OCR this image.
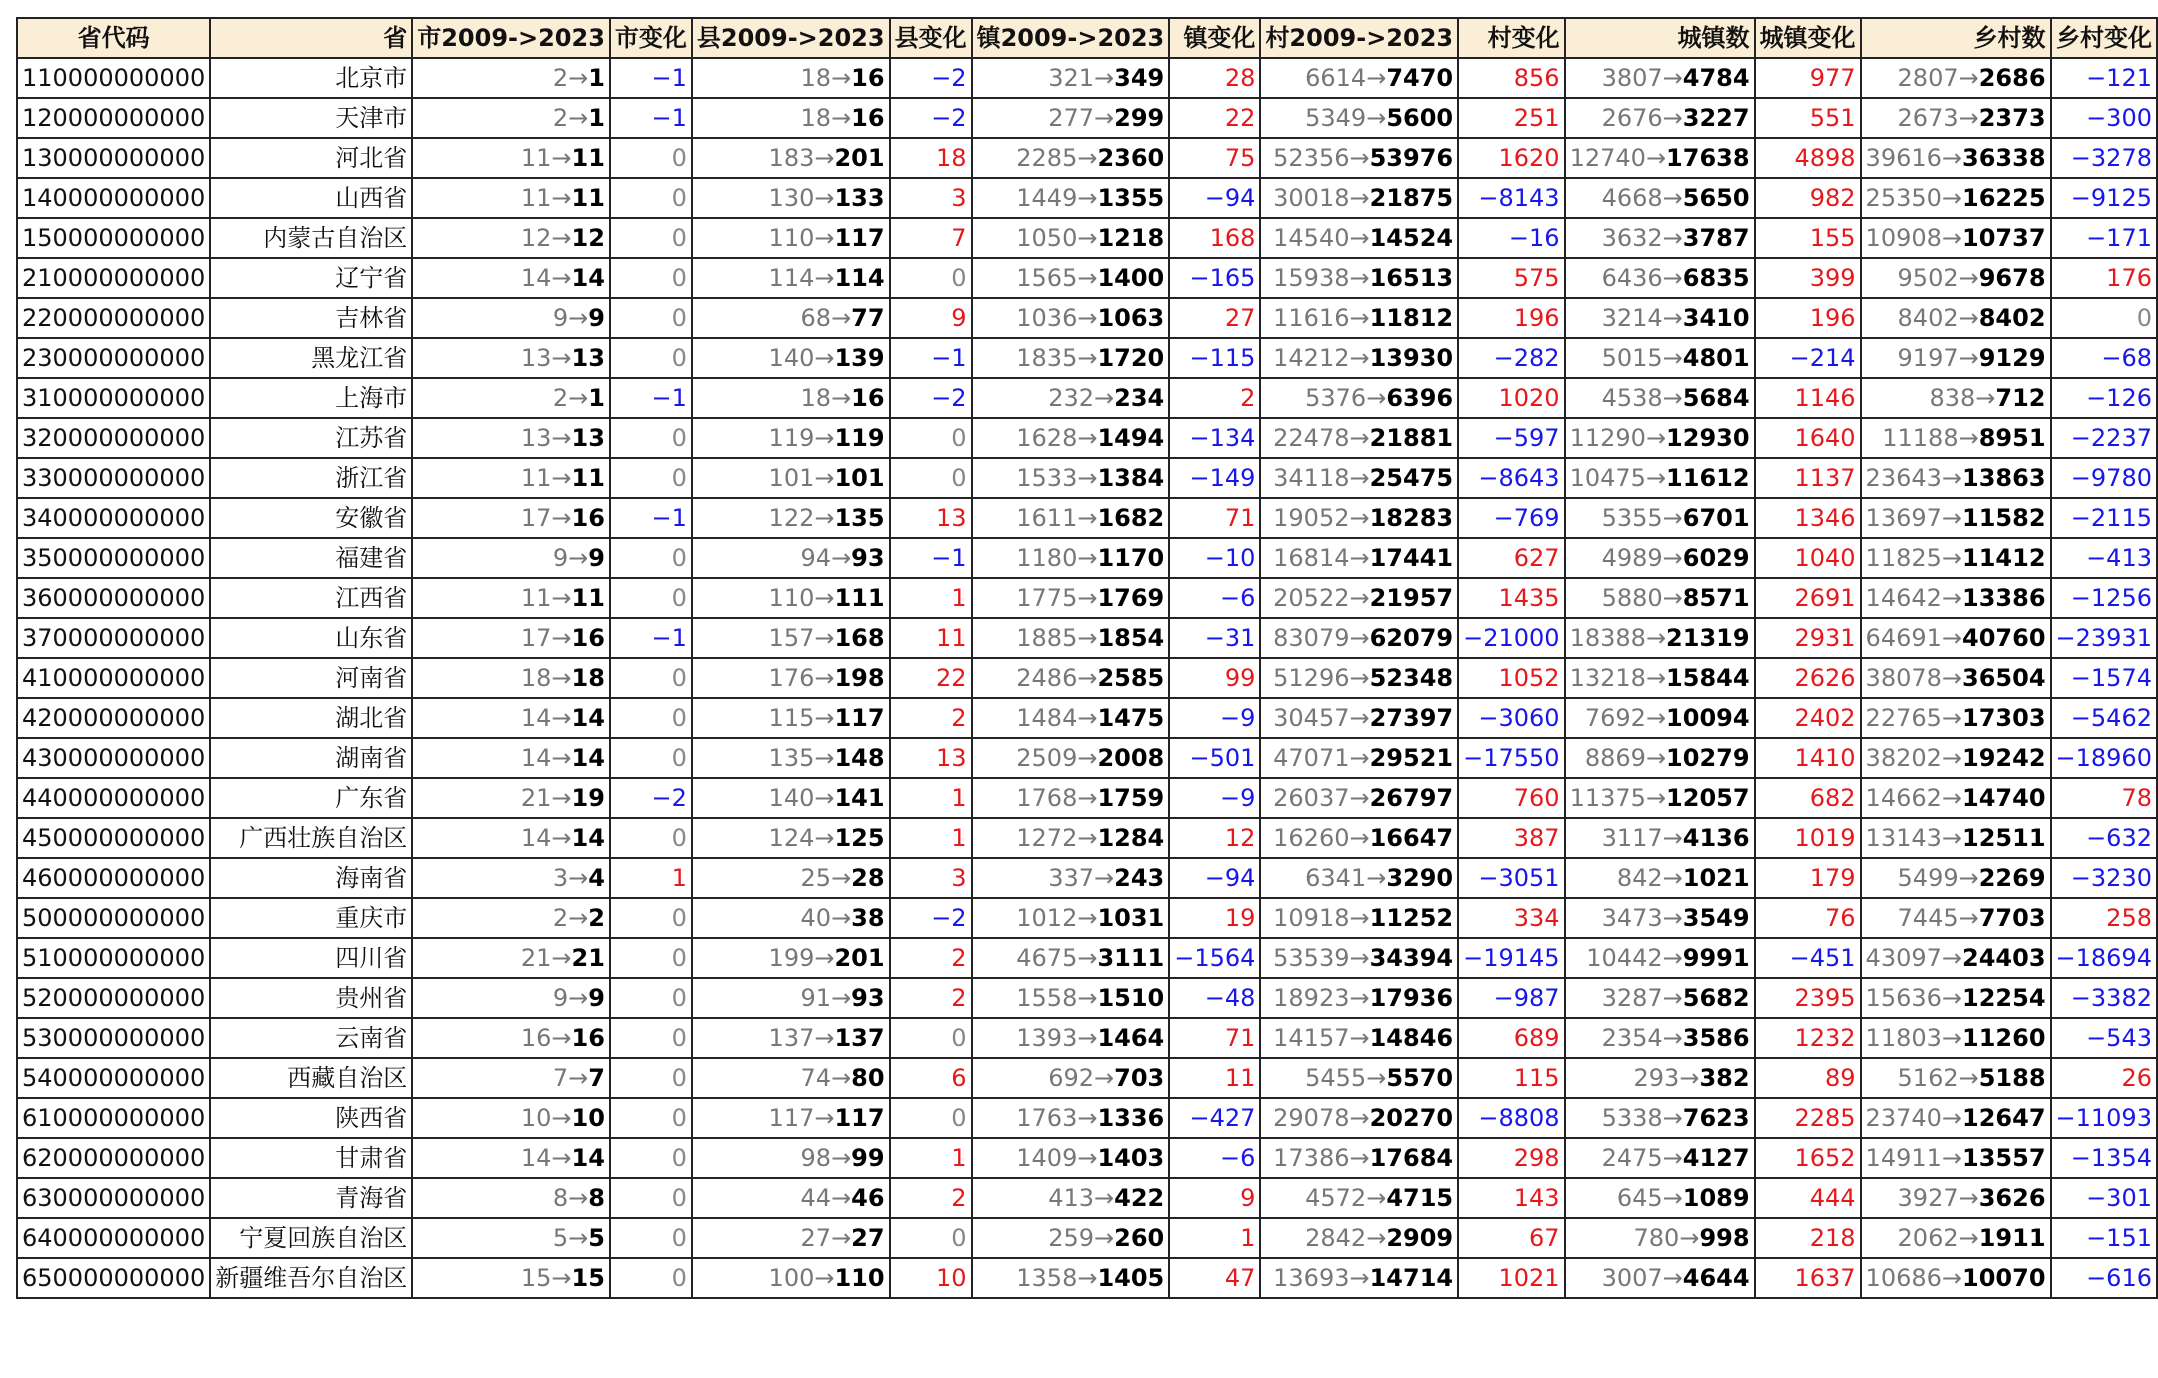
省代码	省	市2009->2023	市变化	县2009->2023	县变化	镇2009->2023	镇变化	村2009->2023	村变化	城镇数	城镇变化	乡村数	乡村变化
110000000000	北京市	2→1	−1	18→16	−2	321→349	28	6614→7470	856	3807→4784	977	2807→2686	−121
120000000000	天津市	2→1	−1	18→16	−2	277→299	22	5349→5600	251	2676→3227	551	2673→2373	−300
130000000000	河北省	11→11	0	183→201	18	2285→2360	75	52356→53976	1620	12740→17638	4898	39616→36338	−3278
140000000000	山西省	11→11	0	130→133	3	1449→1355	−94	30018→21875	−8143	4668→5650	982	25350→16225	−9125
150000000000	内蒙古自治区	12→12	0	110→117	7	1050→1218	168	14540→14524	−16	3632→3787	155	10908→10737	−171
210000000000	辽宁省	14→14	0	114→114	0	1565→1400	−165	15938→16513	575	6436→6835	399	9502→9678	176
220000000000	吉林省	9→9	0	68→77	9	1036→1063	27	11616→11812	196	3214→3410	196	8402→8402	0
230000000000	黑龙江省	13→13	0	140→139	−1	1835→1720	−115	14212→13930	−282	5015→4801	−214	9197→9129	−68
310000000000	上海市	2→1	−1	18→16	−2	232→234	2	5376→6396	1020	4538→5684	1146	838→712	−126
320000000000	江苏省	13→13	0	119→119	0	1628→1494	−134	22478→21881	−597	11290→12930	1640	11188→8951	−2237
330000000000	浙江省	11→11	0	101→101	0	1533→1384	−149	34118→25475	−8643	10475→11612	1137	23643→13863	−9780
340000000000	安徽省	17→16	−1	122→135	13	1611→1682	71	19052→18283	−769	5355→6701	1346	13697→11582	−2115
350000000000	福建省	9→9	0	94→93	−1	1180→1170	−10	16814→17441	627	4989→6029	1040	11825→11412	−413
360000000000	江西省	11→11	0	110→111	1	1775→1769	−6	20522→21957	1435	5880→8571	2691	14642→13386	−1256
370000000000	山东省	17→16	−1	157→168	11	1885→1854	−31	83079→62079	−21000	18388→21319	2931	64691→40760	−23931
410000000000	河南省	18→18	0	176→198	22	2486→2585	99	51296→52348	1052	13218→15844	2626	38078→36504	−1574
420000000000	湖北省	14→14	0	115→117	2	1484→1475	−9	30457→27397	−3060	7692→10094	2402	22765→17303	−5462
430000000000	湖南省	14→14	0	135→148	13	2509→2008	−501	47071→29521	−17550	8869→10279	1410	38202→19242	−18960
440000000000	广东省	21→19	−2	140→141	1	1768→1759	−9	26037→26797	760	11375→12057	682	14662→14740	78
450000000000	广西壮族自治区	14→14	0	124→125	1	1272→1284	12	16260→16647	387	3117→4136	1019	13143→12511	−632
460000000000	海南省	3→4	1	25→28	3	337→243	−94	6341→3290	−3051	842→1021	179	5499→2269	−3230
500000000000	重庆市	2→2	0	40→38	−2	1012→1031	19	10918→11252	334	3473→3549	76	7445→7703	258
510000000000	四川省	21→21	0	199→201	2	4675→3111	−1564	53539→34394	−19145	10442→9991	−451	43097→24403	−18694
520000000000	贵州省	9→9	0	91→93	2	1558→1510	−48	18923→17936	−987	3287→5682	2395	15636→12254	−3382
530000000000	云南省	16→16	0	137→137	0	1393→1464	71	14157→14846	689	2354→3586	1232	11803→11260	−543
540000000000	西藏自治区	7→7	0	74→80	6	692→703	11	5455→5570	115	293→382	89	5162→5188	26
610000000000	陕西省	10→10	0	117→117	0	1763→1336	−427	29078→20270	−8808	5338→7623	2285	23740→12647	−11093
620000000000	甘肃省	14→14	0	98→99	1	1409→1403	−6	17386→17684	298	2475→4127	1652	14911→13557	−1354
630000000000	青海省	8→8	0	44→46	2	413→422	9	4572→4715	143	645→1089	444	3927→3626	−301
640000000000	宁夏回族自治区	5→5	0	27→27	0	259→260	1	2842→2909	67	780→998	218	2062→1911	−151
650000000000	新疆维吾尔自治区	15→15	0	100→110	10	1358→1405	47	13693→14714	1021	3007→4644	1637	10686→10070	−616
